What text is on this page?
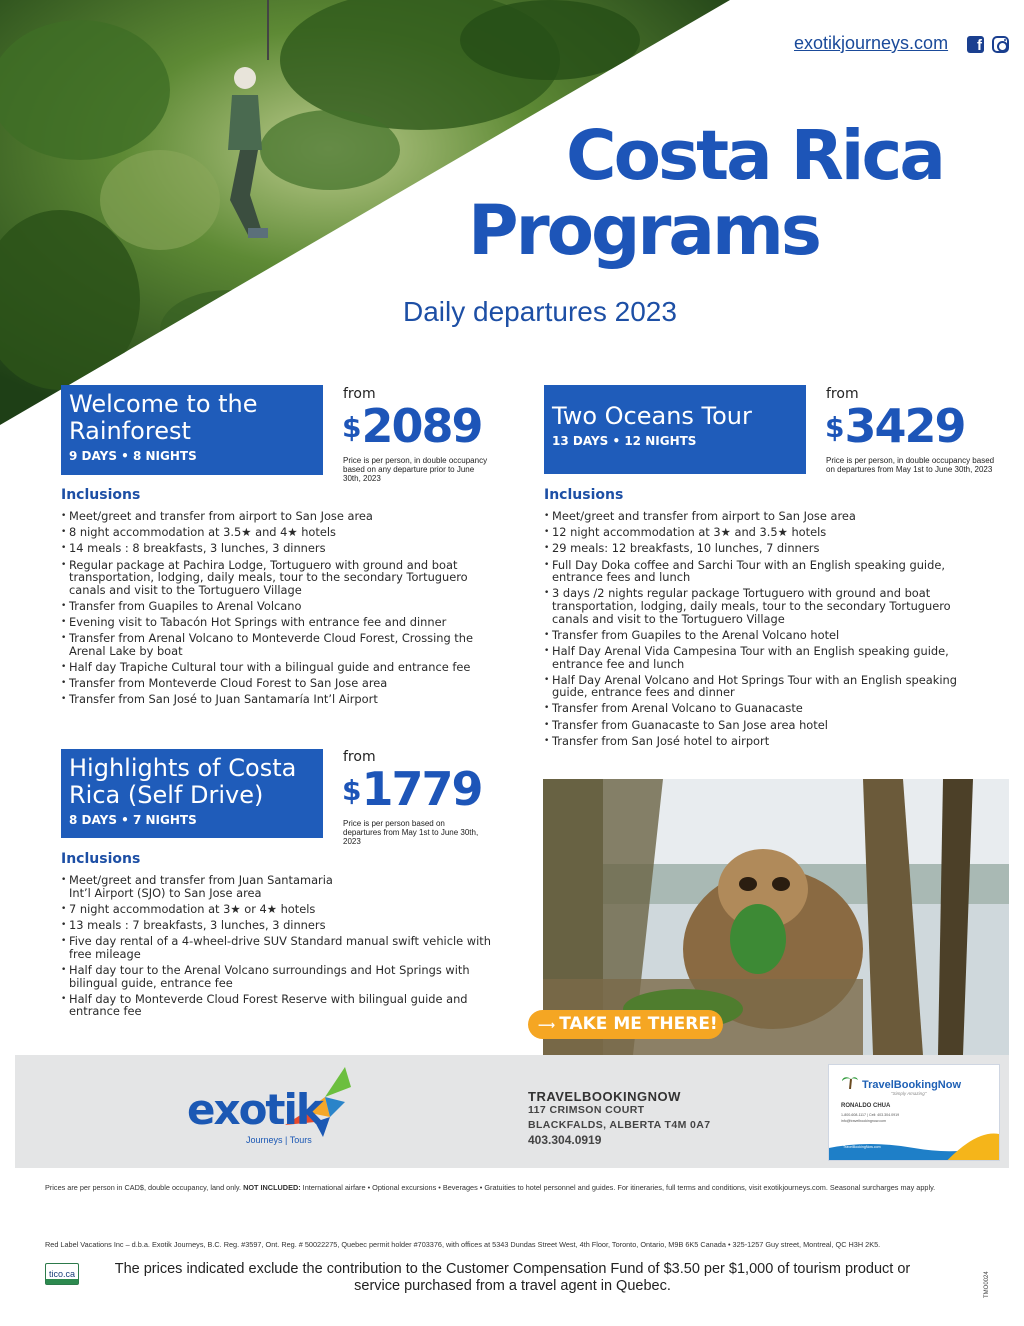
exotikjourneys.com	f
Costa Rica
Programs
Daily departures 2023
Welcome to the Rainforest
9 DAYS • 8 NIGHTS
from
$2089
Price is per person, in double occupancy based on any departure prior to June 30th, 2023
Inclusions
• Meet/greet and transfer from airport to San Jose area
• 8 night accommodation at 3.5★ and 4★ hotels
• 14 meals : 8 breakfasts, 3 lunches, 3 dinners
• Regular package at Pachira Lodge, Tortuguero with ground and boat transportation, lodging, daily meals, tour to the secondary Tortuguero canals and visit to the Tortuguero Village
• Transfer from Guapiles to Arenal Volcano
• Evening visit to Tabacón Hot Springs with entrance fee and dinner
• Transfer from Arenal Volcano to Monteverde Cloud Forest, Crossing the Arenal Lake by boat
• Half day Trapiche Cultural tour with a bilingual guide and entrance fee
• Transfer from Monteverde Cloud Forest to San Jose area
• Transfer from San José to Juan Santamaría Int’l Airport
Two Oceans Tour
13 DAYS • 12 NIGHTS
from
$3429
Price is per person, in double occupancy based on departures from May 1st to June 30th, 2023
Inclusions
• Meet/greet and transfer from airport to San Jose area
• 12 night accommodation at 3★ and 3.5★ hotels
• 29 meals: 12 breakfasts, 10 lunches, 7 dinners
• Full Day Doka coffee and Sarchi Tour with an English speaking guide, entrance fees and lunch
• 3 days /2 nights regular package Tortuguero with ground and boat transportation, lodging, daily meals, tour to the secondary Tortuguero canals and visit to the Tortuguero Village
• Transfer from Guapiles to the Arenal Volcano hotel
• Half Day Arenal Vida Campesina Tour with an English speaking guide, entrance fee and lunch
• Half Day Arenal Volcano and Hot Springs Tour with an English speaking guide, entrance fees and dinner
• Transfer from Arenal Volcano to Guanacaste
• Transfer from Guanacaste to San Jose area hotel
• Transfer from San José hotel to airport
Highlights of Costa Rica (Self Drive)
8 DAYS • 7 NIGHTS
from
$1779
Price is per person based on departures from May 1st to June 30th, 2023
Inclusions
• Meet/greet and transfer from Juan Santamaria Int’l Airport (SJO) to San Jose area
• 7 night accommodation at 3★ or 4★ hotels
• 13 meals : 7 breakfasts, 3 lunches, 3 dinners
• Five day rental of a 4-wheel-drive SUV Standard manual swift vehicle with free mileage
• Half day tour to the Arenal Volcano surroundings and Hot Springs with bilingual guide, entrance fee
• Half day to Monteverde Cloud Forest Reserve with bilingual guide and entrance fee
⟶ TAKE ME THERE!
exotik
Journeys | Tours
TRAVELBOOKINGNOW
117 CRIMSON COURT
BLACKFALDS, ALBERTA T4M 0A7
403.304.0919
TravelBookingNow
"Simply Amazing"
RONALDO CHUA
1-800-608-1117 | Cell: 403.304.0919
info@travelbookingnow.com
TravelBookingNow.com
Prices are per person in CAD$, double occupancy, land only. NOT INCLUDED: International airfare • Optional excursions • Beverages • Gratuities to hotel personnel and guides. For itineraries, full terms and conditions, visit exotikjourneys.com. Seasonal surcharges may apply.
Red Label Vacations Inc – d.b.a. Exotik Journeys, B.C. Reg. #3597, Ont. Reg. # 50022275, Quebec permit holder #703376, with offices at 5343 Dundas Street West, 4th Floor, Toronto, Ontario, M9B 6K5 Canada • 325-1257 Guy street, Montreal, QC H3H 2K5.
tico.ca	The prices indicated exclude the contribution to the Customer Compensation Fund of $3.50 per $1,000 of tourism product or service purchased from a travel agent in Quebec.	TMO0024
